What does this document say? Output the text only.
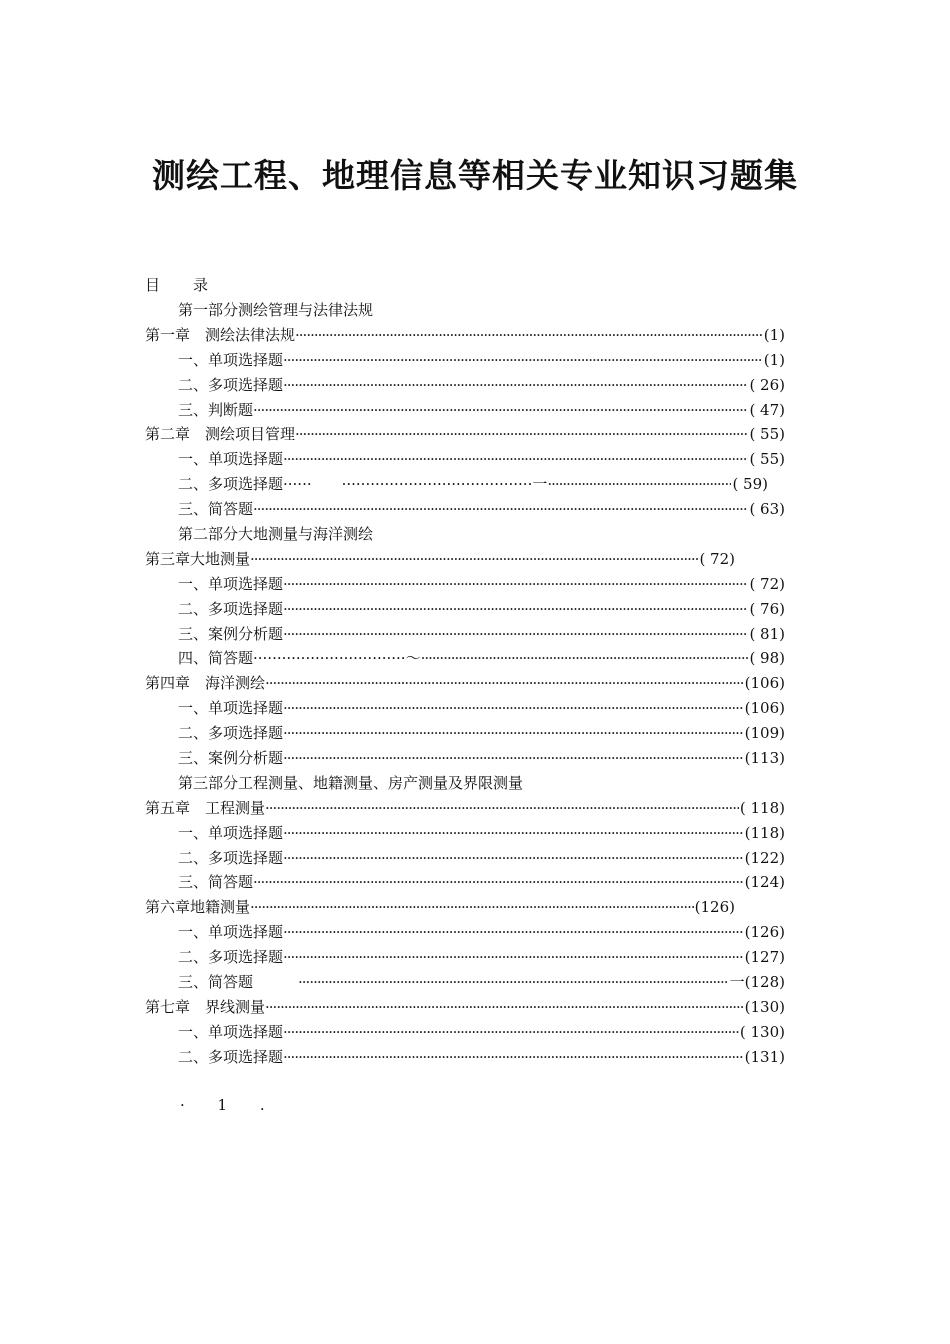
测绘工程、地理信息等相关专业知识习题集
目 录
第一部分测绘管理与法律法规
第一章　测绘法律法规 ·····	(1)
一、单项选择题 ·····	(1)
二、多项选择题 ·····	( 26)
三、判断题 ·····	( 47)
第二章　测绘项目管理 ·····	( 55)
一、单项选择题 ·····	( 55)
二、多项选择题······　　········································一 ·····	( 59)
三、简答题 ·····	( 63)
第二部分大地测量与海洋测绘
第三章大地测量 ·····	( 72)
一、单项选择题 ·····	( 72)
二、多项选择题 ·····	( 76)
三、案例分析题 ·····	( 81)
四、简答题································～ ·····	( 98)
第四章　海洋测绘 ·····	(106)
一、单项选择题 ·····	(106)
二、多项选择题 ·····	(109)
三、案例分析题 ·····	(113)
第三部分工程测量、地籍测量、房产测量及界限测量
第五章　工程测量 ·····	( 118)
一、单项选择题 ·····	(118)
二、多项选择题 ·····	(122)
三、简答题 ·····	(124)
第六章地籍测量 ·····	(126)
一、单项选择题 ·····	(126)
二、多项选择题 ·····	(127)
三、简答题　　　 ·····	一(128)
第七章　界线测量 ·····	(130)
一、单项选择题 ·····	( 130)
二、多项选择题 ·····	(131)
· 1 .
